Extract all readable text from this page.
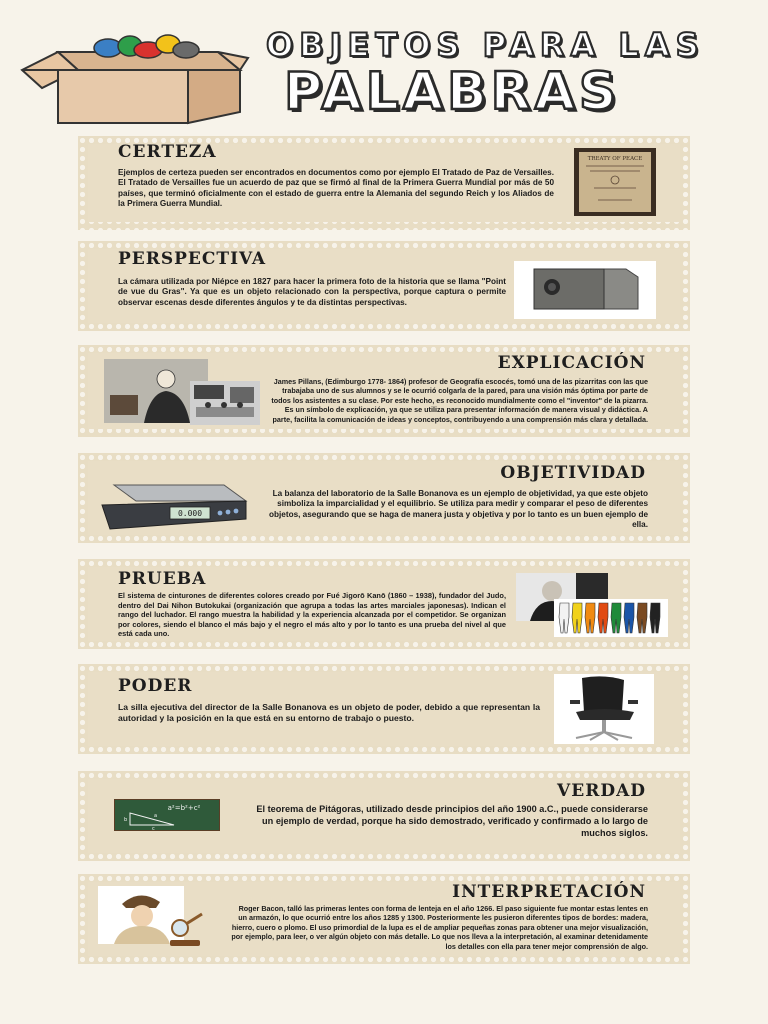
OBJETOS PARA LAS
PALABRAS
CERTEZA
Ejemplos de certeza pueden ser encontrados en documentos como por ejemplo El Tratado de Paz de Versailles. El Tratado de Versailles fue un acuerdo de paz que se firmó al final de la Primera Guerra Mundial por más de 50 países, que terminó oficialmente con el estado de guerra entre la Alemania del segundo Reich y los Aliados de la Primera Guerra Mundial.
TREATY OF PEACE
PERSPECTIVA
La cámara utilizada por Niépce en 1827 para hacer la primera foto de la historia que se llama "Point de vue du Gras". Ya que es un objeto relacionado con la perspectiva, porque captura o permite observar escenas desde diferentes ángulos y te da distintas perspectivas.
EXPLICACIÓN
James Pillans, (Edimburgo 1778- 1864) profesor de Geografía escocés, tomó una de las pizarritas con las que trabajaba uno de sus alumnos y se le ocurrió colgarla de la pared, para una visión más óptima por parte de todos los asistentes a su clase. Por este hecho, es reconocido mundialmente como el "inventor" de la pizarra. Es un símbolo de explicación, ya que se utiliza para presentar información de manera visual y didáctica. A parte, facilita la comunicación de ideas y conceptos, contribuyendo a una comprensión más clara y detallada.
0.000
OBJETIVIDAD
La balanza del laboratorio de la Salle Bonanova es un ejemplo de objetividad, ya que este objeto simboliza la imparcialidad y el equilibrio. Se utiliza para medir y comparar el peso de diferentes objetos, asegurando que se haga de manera justa y objetiva y por lo tanto es un buen ejemplo de ella.
PRUEBA
El sistema de cinturones de diferentes colores creado por Fué Jigorō Kanō (1860 – 1938), fundador del Judo, dentro del Dai Nihon Butokukai (organización que agrupa a todas las artes marciales japonesas). Indican el rango del luchador. El rango muestra la habilidad y la experiencia alcanzada por el competidor. Se organizan por colores, siendo el blanco el más bajo y el negro el más alto y por lo tanto es una prueba del nivel al que está cada uno.
PODER
La silla ejecutiva del director de la Salle Bonanova es un objeto de poder, debido a que representan la autoridad y la posición en la que está en su entorno de trabajo o puesto.
a²=b²+c²
b
c
a
VERDAD
El teorema de Pitágoras, utilizado desde principios del año 1900 a.C., puede considerarse un ejemplo de verdad, porque ha sido demostrado, verificado y confirmado a lo largo de muchos siglos.
INTERPRETACIÓN
Roger Bacon, talló las primeras lentes con forma de lenteja en el año 1266. El paso siguiente fue montar estas lentes en un armazón, lo que ocurrió entre los años 1285 y 1300. Posteriormente les pusieron diferentes tipos de bordes: madera, hierro, cuero o plomo. El uso primordial de la lupa es el de ampliar pequeñas zonas para obtener una mejor visualización, por ejemplo, para leer, o ver algún objeto con más detalle. Lo que nos lleva a la interpretación, al examinar detenidamente los detalles con ella para tener mejor comprensión de algo.
